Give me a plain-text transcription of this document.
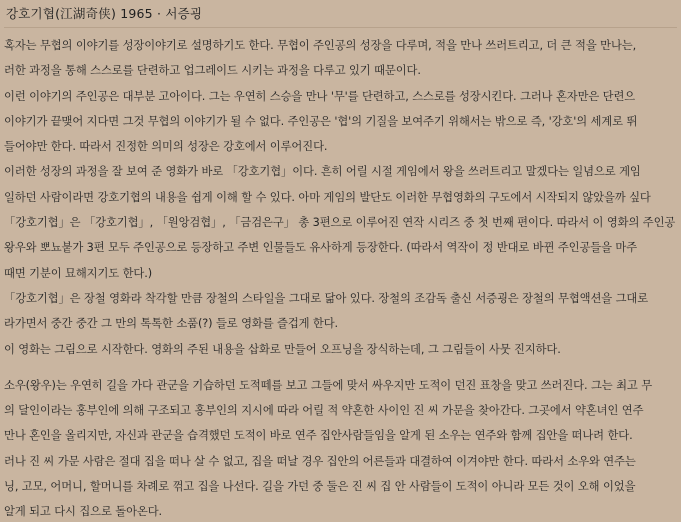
강호기협(江湖奇侠) 1965 · 서증굉

혹자는 무협의 이야기를 성장이야기로 설명하기도 한다. 무협이 주인공의 성장을 다루며, 적을 만나 쓰러트리고, 더 큰 적을 만나는,

러한 과정을 통해 스스로를 단련하고 업그레이드 시키는 과정을 다루고 있기 때문이다.

이런 이야기의 주인공은 대부분 고아이다. 그는 우연히 스승을 만나 '무'를 단련하고, 스스로를 성장시킨다. 그러나 혼자만은 단련으

이야기가 끝맺어 지다면 그것 무협의 이야기가 될 수 없다. 주인공은 '협'의 기질을 보여주기 위해서는 밖으로 즉, '강호'의 세계로 뛰

들어야만 한다. 따라서 진정한 의미의 성장은 강호에서 이루어진다.

이러한 성장의 과정을 잘 보여 준 영화가 바로 「강호기협」이다. 흔히 어릴 시절 게임에서 왕을 쓰러트리고 말겠다는 일념으로 게임

일하던 사람이라면 강호기협의 내용을 쉽게 이해 할 수 있다. 아마 게임의 발단도 이러한 무협영화의 구도에서 시작되지 않았을까 싶다

「강호기협」은 「강호기협」, 「원앙검협」, 「금검은구」 총 3편으로 이루어진 연작 시리즈 중 첫 번째 편이다. 따라서 이 영화의 주인공

왕우와 뽀뇨붙가 3편 모두 주인공으로 등장하고 주변 인물들도 유사하게 등장한다. (따라서 역작이 정 반대로 바뀐 주인공들을 마주

때면 기분이 묘해지기도 한다.)

「강호기협」은 장철 영화라 착각할 만큼 장철의 스타일을 그대로 닮아 있다. 장철의 조감독 출신 서증굉은 장철의 무협액션을 그대로

라가면서 중간 중간 그 만의 톡톡한 소품(?) 들로 영화를 즐겁게 한다.

이 영화는 그림으로 시작한다. 영화의 주된 내용을 삽화로 만들어 오프닝을 장식하는데, 그 그림들이 사뭇 진지하다.

소우(왕우)는 우연히 길을 가다 관군을 기습하던 도적떼를 보고 그들에 맞서 싸우지만 도적이 던진 표창을 맞고 쓰러진다. 그는 최고 무

의 달인이라는 홍부인에 의해 구조되고 홍부인의 지시에 따라 어릴 적 약혼한 사이인 진 씨 가문을 찾아간다. 그곳에서 약혼녀인 연주

만나 혼인을 올리지만, 자신과 관군을 습격했던 도적이 바로 연주 집안사람들임을 알게 된 소우는 연주와 함께 집안을 떠나려 한다.

러나 진 씨 가문 사람은 절대 집을 떠나 살 수 없고, 집을 떠날 경우 집안의 어른들과 대결하여 이겨야만 한다. 따라서 소우와 연주는

닝, 고모, 어머니, 할머니를 차례로 꺾고 집을 나선다. 길을 가던 중 둘은 진 씨 집 안 사람들이 도적이 아니라 모든 것이 오해 이었을

알게 되고 다시 집으로 돌아온다.
